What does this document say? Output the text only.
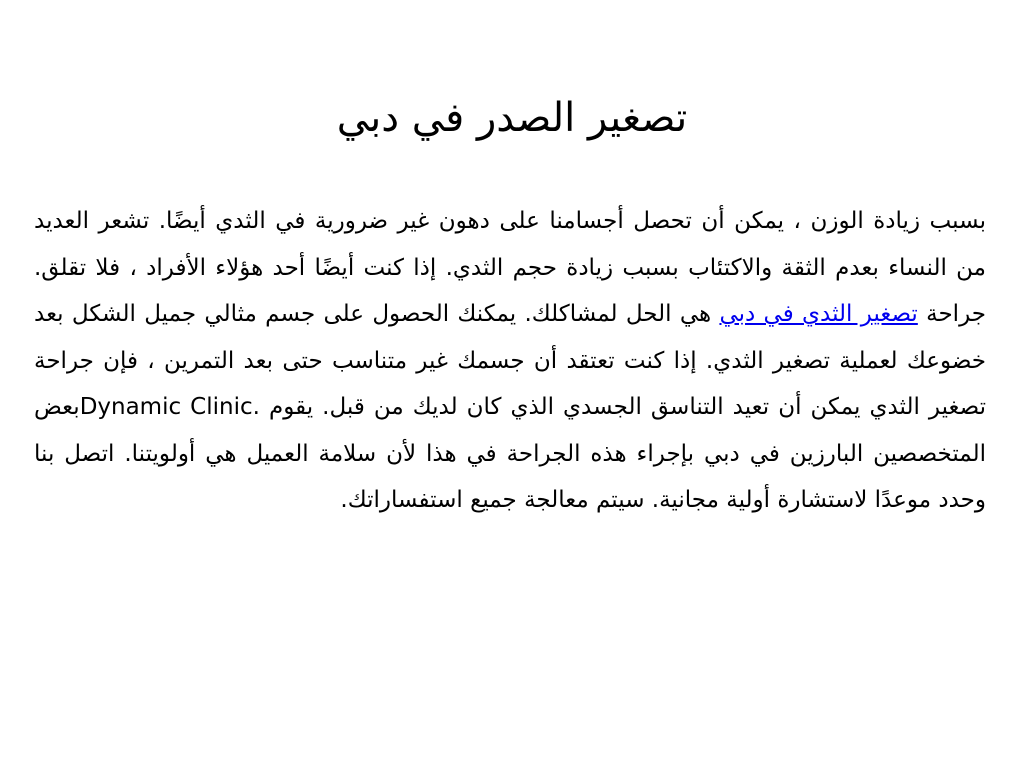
تصغير الصدر في دبي

بسبب زيادة الوزن ، يمكن أن تحصل أجسامنا على دهون غير ضرورية في الثدي أيضًا. تشعر العديد من النساء بعدم الثقة والاكتئاب بسبب زيادة حجم الثدي. إذا كنت أيضًا أحد هؤلاء الأفراد ، فلا تقلق. جراحة تصغير الثدي في دبي هي الحل لمشاكلك. يمكنك الحصول على جسم مثالي جميل الشكل بعد خضوعك لعملية تصغير الثدي. إذا كنت تعتقد أن جسمك غير متناسب حتى بعد التمرين ، فإن جراحة تصغير الثدي يمكن أن تعيد التناسق الجسدي الذي كان لديك من قبل. يقوم Dynamic Clinic.بعض المتخصصين البارزين في دبي بإجراء هذه الجراحة في هذا لأن سلامة العميل هي أولويتنا. اتصل بنا وحدد موعدًا لاستشارة أولية مجانية. سيتم معالجة جميع استفساراتك.
